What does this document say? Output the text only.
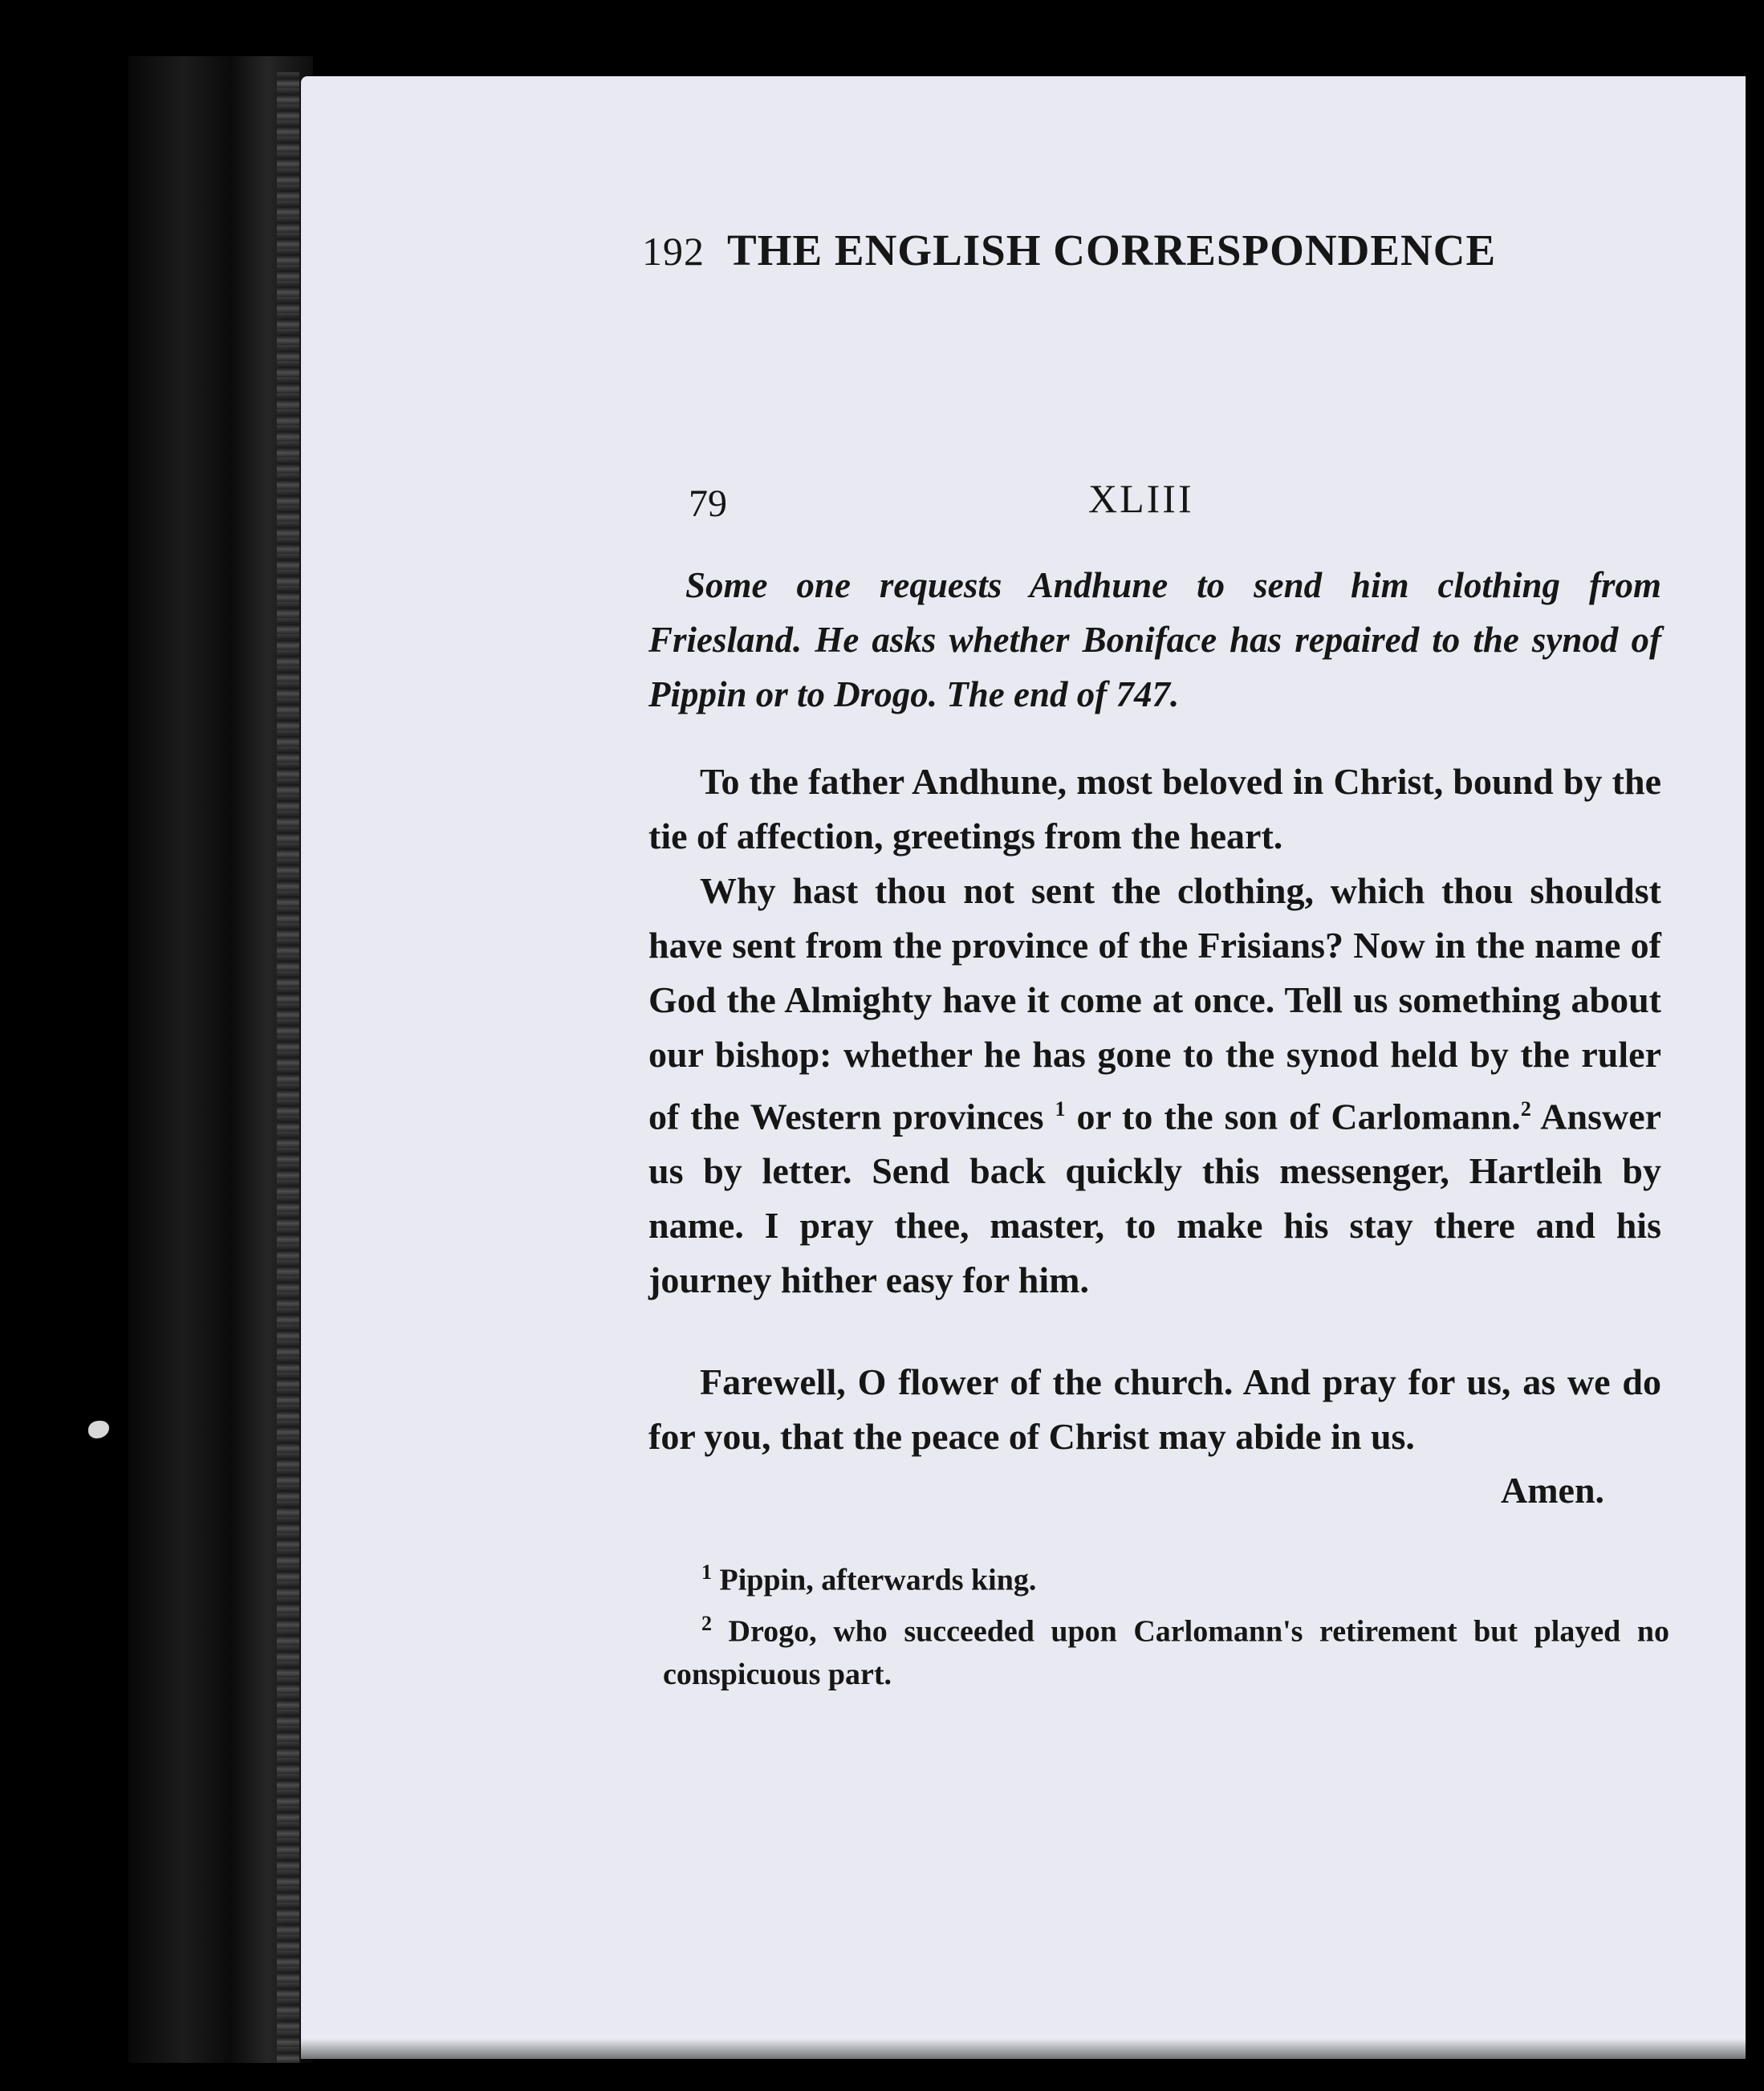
192 THE ENGLISH CORRESPONDENCE
79	XLIII
Some one requests Andhune to send him clothing from Friesland. He asks whether Boniface has repaired to the synod of Pippin or to Drogo. The end of 747.
To the father Andhune, most beloved in Christ, bound by the tie of affection, greetings from the heart.
Why hast thou not sent the clothing, which thou shouldst have sent from the province of the Frisians? Now in the name of God the Almighty have it come at once. Tell us something about our bishop: whether he has gone to the synod held by the ruler of the Western provinces $^1$ or to the son of Carlomann.$^2$ Answer us by letter. Send back quickly this messenger, Hartleih by name. I pray thee, master, to make his stay there and his journey hither easy for him.
Farewell, O flower of the church. And pray for us, as we do for you, that the peace of Christ may abide in us.
Amen.
$^1$ Pippin, afterwards king.
$^2$ Drogo, who succeeded upon Carlomann's retirement but played no conspicuous part.
